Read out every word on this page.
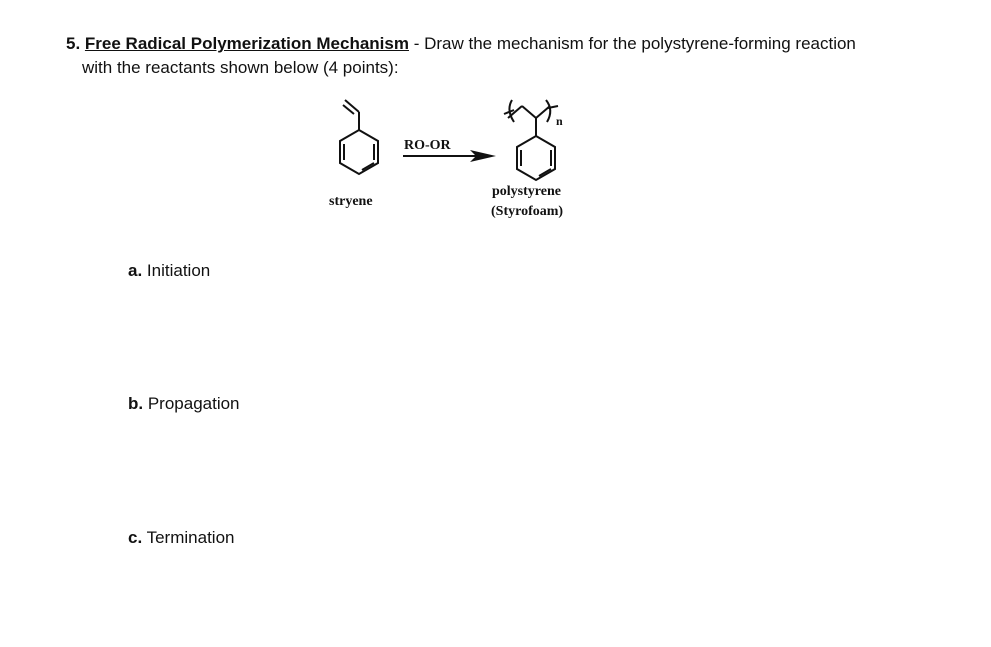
5. Free Radical Polymerization Mechanism - Draw the mechanism for the polystyrene-forming reaction
with the reactants shown below (4 points):
stryene
RO-OR
polystyrene
(Styrofoam)
n
a. Initiation
b. Propagation
c. Termination
